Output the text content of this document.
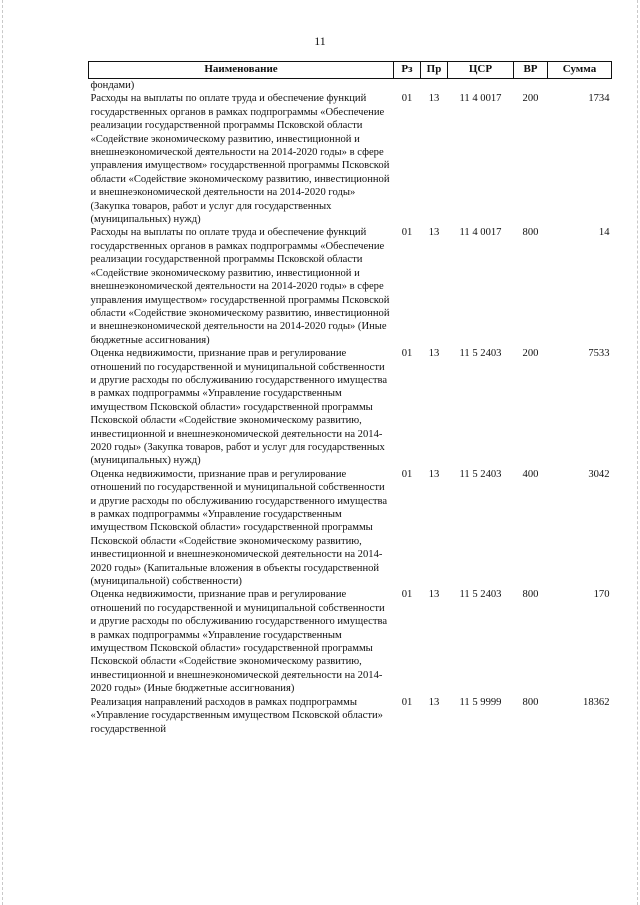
11
Наименование	Рз	Пр	ЦСР	ВР	Сумма
фондами)					
Расходы на выплаты по оплате труда и обеспечение функций государственных органов в рамках подпрограммы «Обеспечение реализации государственной программы Псковской области «Содействие экономическому развитию, инвестиционной и внешнеэкономической деятельности на 2014-2020 годы» в сфере управления имуществом» государственной программы Псковской области «Содействие экономическому развитию, инвестиционной и внешнеэкономической деятельности на 2014-2020 годы» (Закупка товаров, работ и услуг для государственных (муниципальных) нужд)	01	13	11 4 0017	200	1734
Расходы на выплаты по оплате труда и обеспечение функций государственных органов в рамках подпрограммы «Обеспечение реализации государственной программы Псковской области «Содействие экономическому развитию, инвестиционной и внешнеэкономической деятельности на 2014-2020 годы» в сфере управления имуществом» государственной программы Псковской области «Содействие экономическому развитию, инвестиционной и внешнеэкономической деятельности на 2014-2020 годы» (Иные бюджетные ассигнования)	01	13	11 4 0017	800	14
Оценка недвижимости, признание прав и регулирование отношений по государственной и муниципальной собственности и другие расходы по обслуживанию государственного имущества в рамках подпрограммы «Управление государственным имуществом Псковской области» государственной программы Псковской области «Содействие экономическому развитию, инвестиционной и внешнеэкономической деятельности на 2014-2020 годы» (Закупка товаров, работ и услуг для государственных (муниципальных) нужд)	01	13	11 5 2403	200	7533
Оценка недвижимости, признание прав и регулирование отношений по государственной и муниципальной собственности и другие расходы по обслуживанию государственного имущества в рамках подпрограммы «Управление государственным имуществом Псковской области» государственной программы Псковской области «Содействие экономическому развитию, инвестиционной и внешнеэкономической деятельности на 2014-2020 годы» (Капитальные вложения в объекты государственной (муниципальной) собственности)	01	13	11 5 2403	400	3042
Оценка недвижимости, признание прав и регулирование отношений по государственной и муниципальной собственности и другие расходы по обслуживанию государственного имущества в рамках подпрограммы «Управление государственным имуществом Псковской области» государственной программы Псковской области «Содействие экономическому развитию, инвестиционной и внешнеэкономической деятельности на 2014-2020 годы» (Иные бюджетные ассигнования)	01	13	11 5 2403	800	170
Реализация направлений расходов в рамках подпрограммы «Управление государственным имуществом Псковской области» государственной	01	13	11 5 9999	800	18362
